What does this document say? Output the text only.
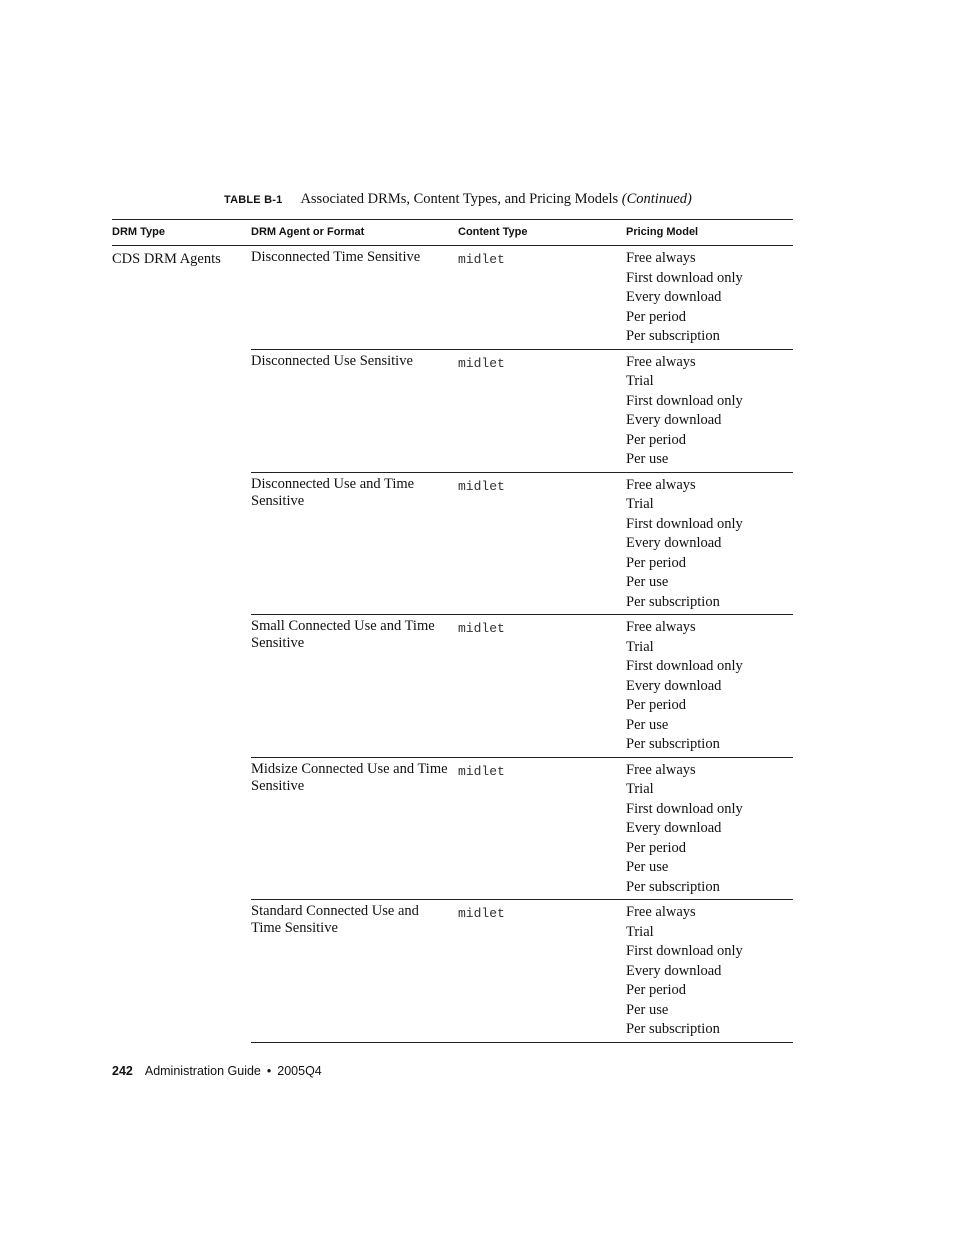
TABLE B-1 Associated DRMs, Content Types, and Pricing Models (Continued)
DRM Type	DRM Agent or Format	Content Type	Pricing Model
CDS DRM Agents	Disconnected Time Sensitive	midlet	Free always
First download only
Every download
Per period
Per subscription
Disconnected Use Sensitive	midlet	Free always
Trial
First download only
Every download
Per period
Per use
Disconnected Use and Time Sensitive
midlet	Free always
Trial
First download only
Every download
Per period
Per use
Per subscription
Small Connected Use and Time Sensitive
midlet	Free always
Trial
First download only
Every download
Per period
Per use
Per subscription
Midsize Connected Use and Time Sensitive
midlet	Free always
Trial
First download only
Every download
Per period
Per use
Per subscription
Standard Connected Use and Time Sensitive
midlet	Free always
Trial
First download only
Every download
Per period
Per use
Per subscription
242 Administration Guide • 2005Q4
